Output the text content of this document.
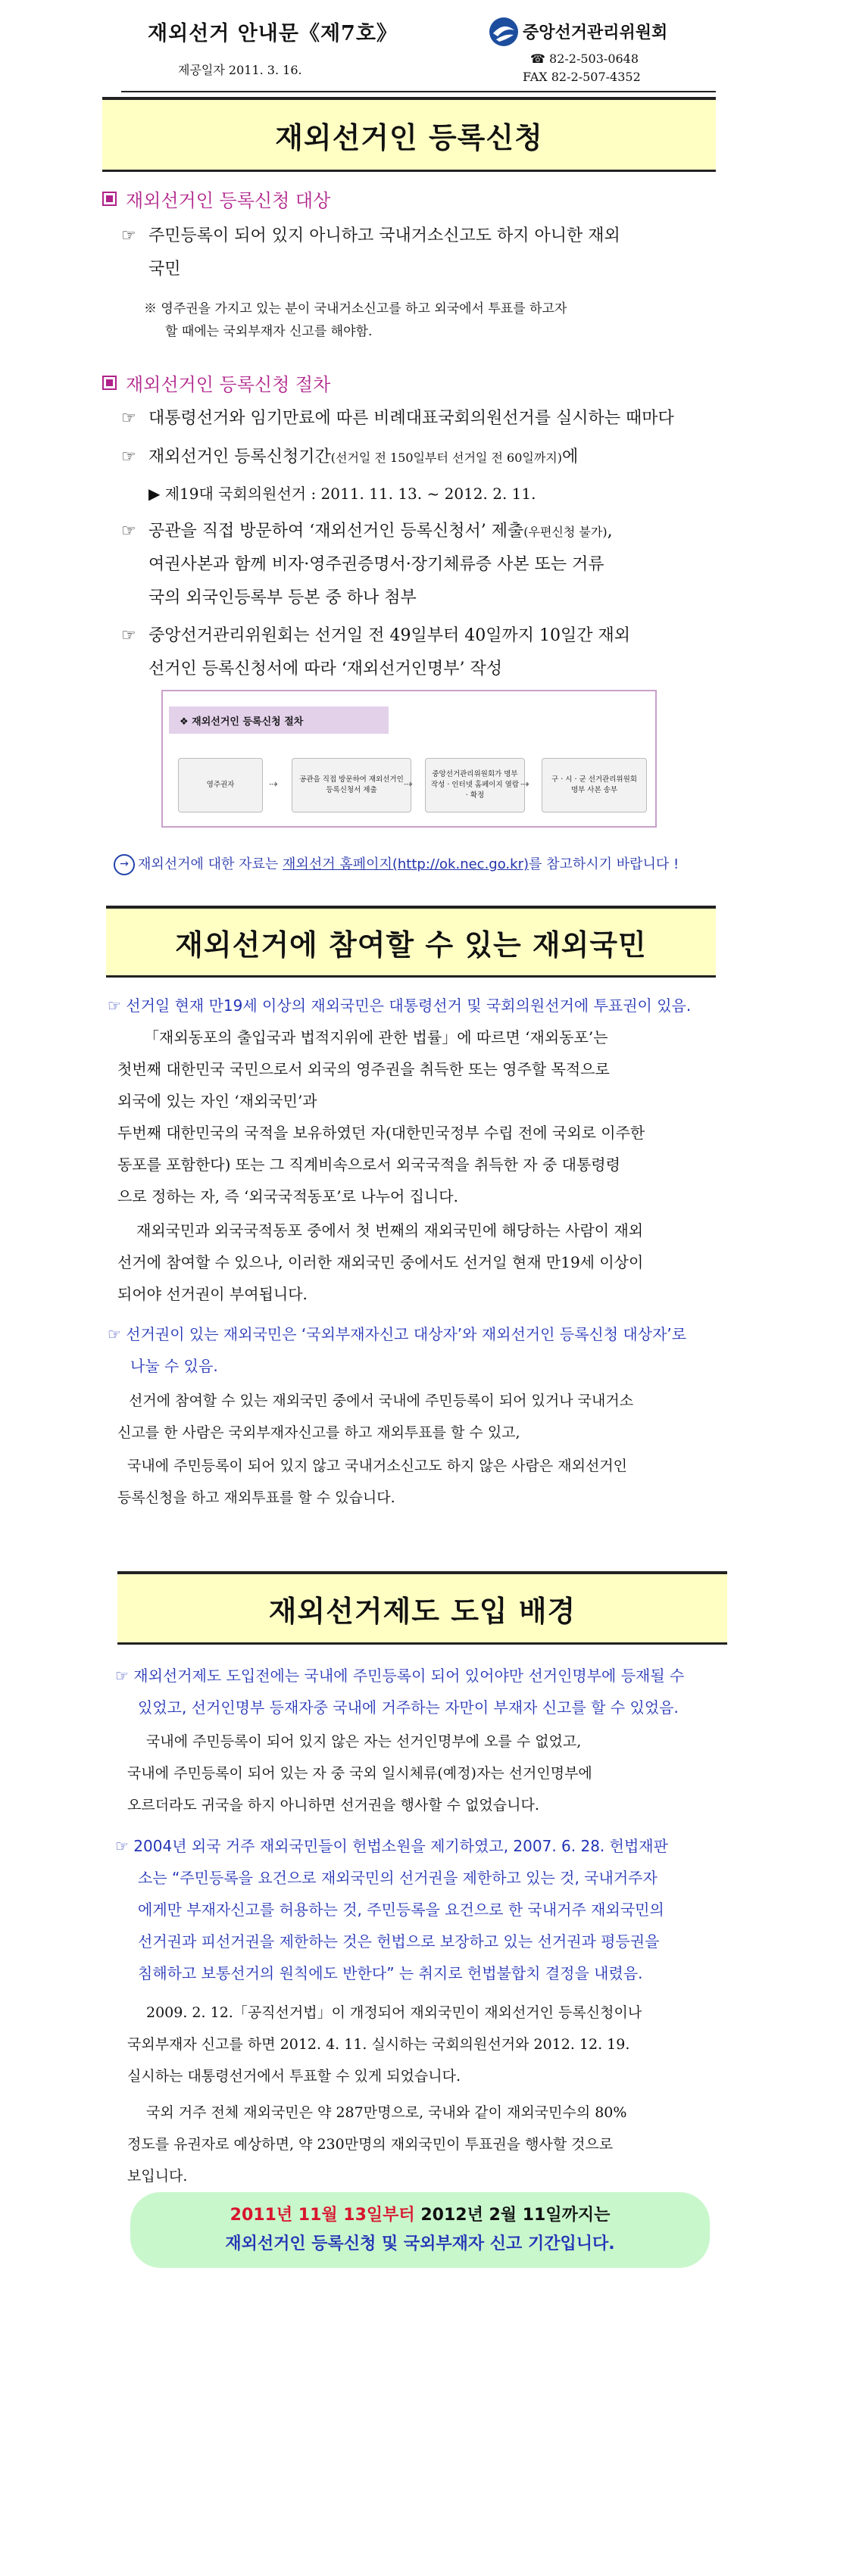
재외선거 안내문《제7호》
제공일자 2011. 3. 16.
중앙선거관리위원회
☎ 82-2-503-0648
FAX 82-2-507-4352
재외선거인 등록신청
재외선거인 등록신청 대상
☞ 주민등록이 되어 있지 아니하고 국내거소신고도 하지 아니한 재외
국민
※ 영주권을 가지고 있는 분이 국내거소신고를 하고 외국에서 투표를 하고자
할 때에는 국외부재자 신고를 해야함.
재외선거인 등록신청 절차
☞ 대통령선거와 임기만료에 따른 비례대표국회의원선거를 실시하는 때마다
☞ 재외선거인 등록신청기간(선거일 전 150일부터 선거일 전 60일까지)에
▶ 제19대 국회의원선거 : 2011. 11. 13. ~ 2012. 2. 11.
☞ 공관을 직접 방문하여 ‘재외선거인 등록신청서’ 제출(우편신청 불가),
여권사본과 함께 비자·영주권증명서·장기체류증 사본 또는 거류
국의 외국인등록부 등본 중 하나 첨부
☞ 중앙선거관리위원회는 선거일 전 49일부터 40일까지 10일간 재외
선거인 등록신청서에 따라 ‘재외선거인명부’ 작성
❖ 재외선거인 등록신청 절차
영주권자	⇢	공관을 직접 방문하여 재외선거인 등록신청서 제출	⇢
중앙선거관리위원회가 명부 작성 · 인터넷 홈페이지 열람 · 확정
⇢	구 · 시 · 군 선거관리위원회 명부 사본 송부
→ 재외선거에 대한 자료는 재외선거 홈페이지(http://ok.nec.go.kr)를 참고하시기 바랍니다 !
재외선거에 참여할 수 있는 재외국민
☞ 선거일 현재 만19세 이상의 재외국민은 대통령선거 및 국회의원선거에 투표권이 있음.
「재외동포의 출입국과 법적지위에 관한 법률」에 따르면 ‘재외동포’는
첫번째 대한민국 국민으로서 외국의 영주권을 취득한 또는 영주할 목적으로
외국에 있는 자인 ‘재외국민’과
두번째 대한민국의 국적을 보유하였던 자(대한민국정부 수립 전에 국외로 이주한
동포를 포함한다) 또는 그 직계비속으로서 외국국적을 취득한 자 중 대통령령
으로 정하는 자, 즉 ‘외국국적동포’로 나누어 집니다.
재외국민과 외국국적동포 중에서 첫 번째의 재외국민에 해당하는 사람이 재외
선거에 참여할 수 있으나, 이러한 재외국민 중에서도 선거일 현재 만19세 이상이
되어야 선거권이 부여됩니다.
☞ 선거권이 있는 재외국민은 ‘국외부재자신고 대상자’와 재외선거인 등록신청 대상자’로
나눌 수 있음.
선거에 참여할 수 있는 재외국민 중에서 국내에 주민등록이 되어 있거나 국내거소
신고를 한 사람은 국외부재자신고를 하고 재외투표를 할 수 있고,
국내에 주민등록이 되어 있지 않고 국내거소신고도 하지 않은 사람은 재외선거인
등록신청을 하고 재외투표를 할 수 있습니다.
재외선거제도 도입 배경
☞ 재외선거제도 도입전에는 국내에 주민등록이 되어 있어야만 선거인명부에 등재될 수
있었고, 선거인명부 등재자중 국내에 거주하는 자만이 부재자 신고를 할 수 있었음.
국내에 주민등록이 되어 있지 않은 자는 선거인명부에 오를 수 없었고,
국내에 주민등록이 되어 있는 자 중 국외 일시체류(예정)자는 선거인명부에
오르더라도 귀국을 하지 아니하면 선거권을 행사할 수 없었습니다.
☞ 2004년 외국 거주 재외국민들이 헌법소원을 제기하였고, 2007. 6. 28. 헌법재판
소는 “주민등록을 요건으로 재외국민의 선거권을 제한하고 있는 것, 국내거주자
에게만 부재자신고를 허용하는 것, 주민등록을 요건으로 한 국내거주 재외국민의
선거권과 피선거권을 제한하는 것은 헌법으로 보장하고 있는 선거권과 평등권을
침해하고 보통선거의 원칙에도 반한다” 는 취지로 헌법불합치 결정을 내렸음.
2009. 2. 12.「공직선거법」이 개정되어 재외국민이 재외선거인 등록신청이나
국외부재자 신고를 하면 2012. 4. 11. 실시하는 국회의원선거와 2012. 12. 19.
실시하는 대통령선거에서 투표할 수 있게 되었습니다.
국외 거주 전체 재외국민은 약 287만명으로, 국내와 같이 재외국민수의 80%
정도를 유권자로 예상하면, 약 230만명의 재외국민이 투표권을 행사할 것으로
보입니다.
2011년 11월 13일부터 2012년 2월 11일까지는
재외선거인 등록신청 및 국외부재자 신고 기간입니다.
